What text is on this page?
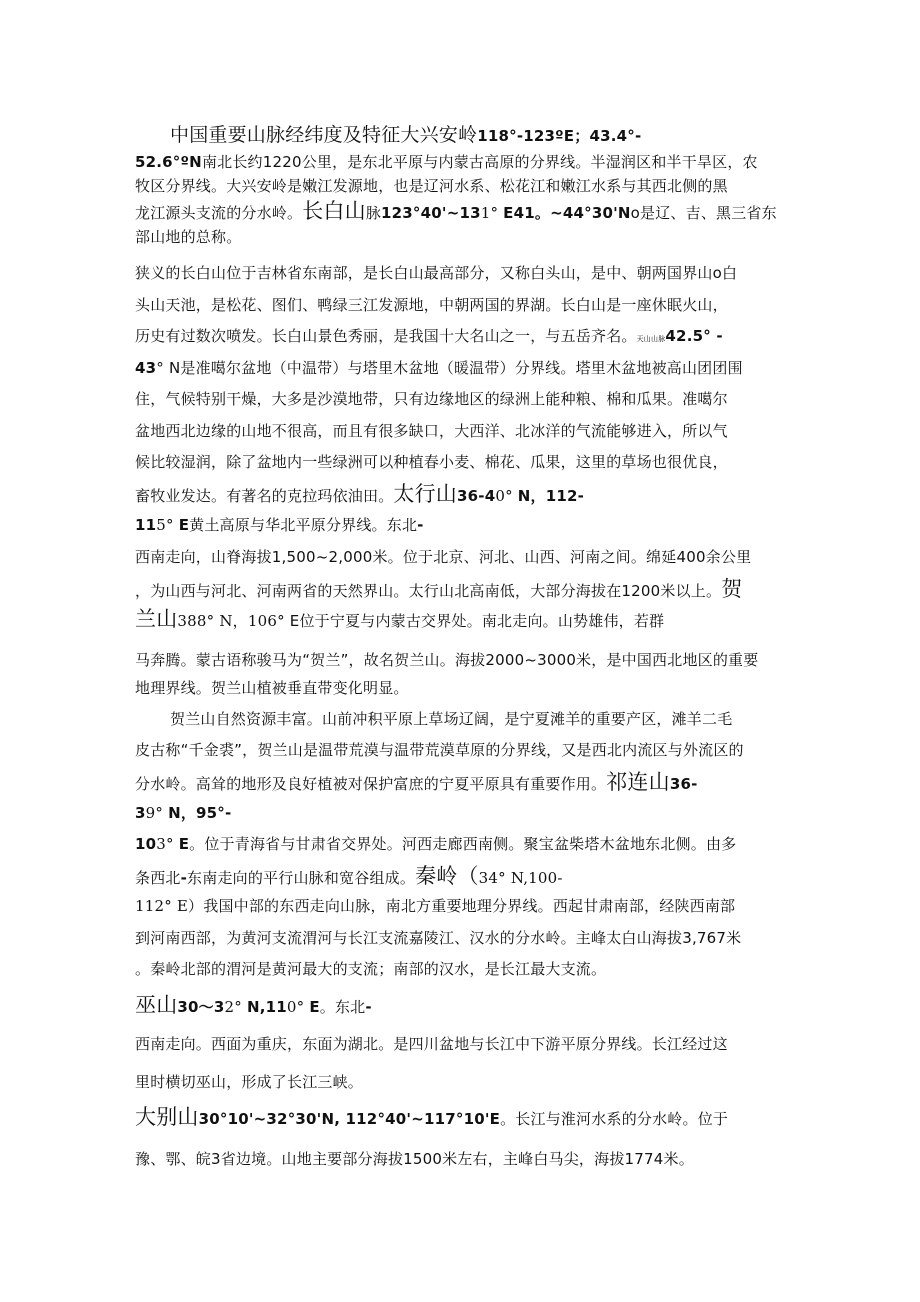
中国重要山脉经纬度及特征大兴安岭118°-123ºE；43.4°-
52.6°ºN南北长约1220公里，是东北平原与内蒙古高原的分界线。半湿润区和半干旱区，农
牧区分界线。大兴安岭是嫩江发源地，也是辽河水系、松花江和嫩江水系与其西北侧的黑
龙江源头支流的分水岭。长白山脉123°40'~131° E41。~44°30'No是辽、吉、黑三省东
部山地的总称。
狭义的长白山位于吉林省东南部，是长白山最高部分，又称白头山，是中、朝两国界山o白
头山天池，是松花、图们、鸭绿三江发源地，中朝两国的界湖。长白山是一座休眠火山，
历史有过数次喷发。长白山景色秀丽，是我国十大名山之一，与五岳齐名。天山山脉42.5° -
43° N是准噶尔盆地（中温带）与塔里木盆地（暖温带）分界线。塔里木盆地被高山团团围
住，气候特别干燥，大多是沙漠地带，只有边缘地区的绿洲上能种粮、棉和瓜果。准噶尔
盆地西北边缘的山地不很高，而且有很多缺口，大西洋、北冰洋的气流能够进入，所以气
候比较湿润，除了盆地内一些绿洲可以种植春小麦、棉花、瓜果，这里的草场也很优良，
畜牧业发达。有著名的克拉玛依油田。太行山36-40° N，112-
115° E黄土高原与华北平原分界线。东北-
西南走向，山脊海拔1,500~2,000米。位于北京、河北、山西、河南之间。绵延400余公里
，为山西与河北、河南两省的天然界山。太行山北高南低，大部分海拔在1200米以上。贺
兰山388° N，106° E位于宁夏与内蒙古交界处。南北走向。山势雄伟，若群
马奔腾。蒙古语称骏马为“贺兰”，故名贺兰山。海拔2000~3000米，是中国西北地区的重要
地理界线。贺兰山植被垂直带变化明显。
贺兰山自然资源丰富。山前冲积平原上草场辽阔，是宁夏滩羊的重要产区，滩羊二毛
皮古称“千金裘”，贺兰山是温带荒漠与温带荒漠草原的分界线，又是西北内流区与外流区的
分水岭。高耸的地形及良好植被对保护富庶的宁夏平原具有重要作用。祁连山36-
39° N，95°-
103° E。位于青海省与甘肃省交界处。河西走廊西南侧。聚宝盆柴塔木盆地东北侧。由多
条西北-东南走向的平行山脉和宽谷组成。秦岭（34° N,100-
112° E）我国中部的东西走向山脉，南北方重要地理分界线。西起甘肃南部，经陕西南部
到河南西部，为黄河支流渭河与长江支流嘉陵江、汉水的分水岭。主峰太白山海拔3,767米
。秦岭北部的渭河是黄河最大的支流；南部的汉水，是长江最大支流。
巫山30～32° N,110° E。东北-
西南走向。西面为重庆，东面为湖北。是四川盆地与长江中下游平原分界线。长江经过这
里时横切巫山，形成了长江三峡。
大别山30°10'~32°30'N, 112°40'~117°10'E。长江与淮河水系的分水岭。位于
豫、鄂、皖3省边境。山地主要部分海拔1500米左右，主峰白马尖，海拔1774米。
